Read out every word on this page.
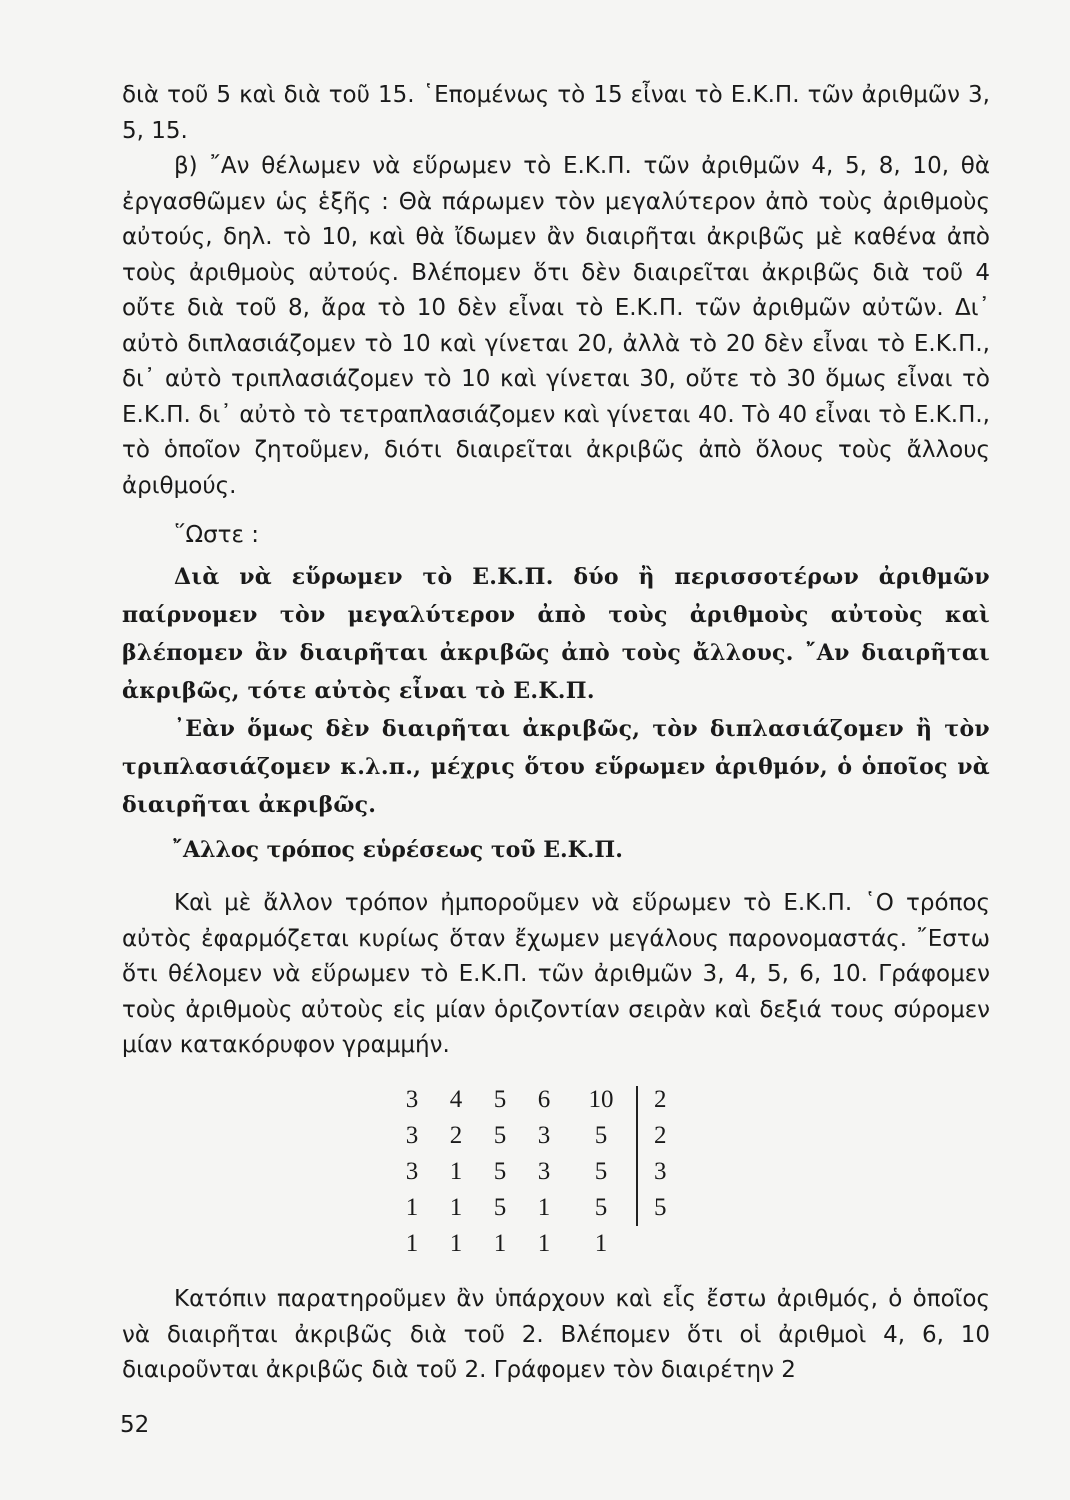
διὰ τοῦ 5 καὶ διὰ τοῦ 15. ῾Επομένως τὸ 15 εἶναι τὸ Ε.Κ.Π. τῶν ἀριθμῶν 3, 5, 15.

β) ῎Αν θέλωμεν νὰ εὕρωμεν τὸ Ε.Κ.Π. τῶν ἀριθμῶν 4, 5, 8, 10, θὰ ἐργασθῶμεν ὡς ἑξῆς : Θὰ πάρωμεν τὸν μεγαλύτερον ἀπὸ τοὺς ἀριθμοὺς αὐτούς, δηλ. τὸ 10, καὶ θὰ ἴδωμεν ἂν διαιρῆται ἀκριβῶς μὲ καθένα ἀπὸ τοὺς ἀριθμοὺς αὐτούς. Βλέπομεν ὅτι δὲν διαιρεῖται ἀκριβῶς διὰ τοῦ 4 οὔτε διὰ τοῦ 8, ἄρα τὸ 10 δὲν εἶναι τὸ Ε.Κ.Π. τῶν ἀριθμῶν αὐτῶν. Δι᾽ αὐτὸ διπλασιάζομεν τὸ 10 καὶ γίνεται 20, ἀλλὰ τὸ 20 δὲν εἶναι τὸ Ε.Κ.Π., δι᾽ αὐτὸ τριπλασιάζομεν τὸ 10 καὶ γίνεται 30, οὔτε τὸ 30 ὅμως εἶναι τὸ Ε.Κ.Π. δι᾽ αὐτὸ τὸ τετραπλασιάζομεν καὶ γίνεται 40. Τὸ 40 εἶναι τὸ Ε.Κ.Π., τὸ ὁποῖον ζητοῦμεν, διότι διαιρεῖται ἀκριβῶς ἀπὸ ὅλους τοὺς ἄλλους ἀριθμούς.

῞Ωστε :

Διὰ νὰ εὕρωμεν τὸ Ε.Κ.Π. δύο ἢ περισσοτέρων ἀριθμῶν παίρνομεν τὸν μεγαλύτερον ἀπὸ τοὺς ἀριθμοὺς αὐτοὺς καὶ βλέπομεν ἂν διαιρῆται ἀκριβῶς ἀπὸ τοὺς ἄλλους. ῎Αν διαιρῆται ἀκριβῶς, τότε αὐτὸς εἶναι τὸ Ε.Κ.Π.

᾽Εὰν ὅμως δὲν διαιρῆται ἀκριβῶς, τὸν διπλασιάζομεν ἢ τὸν τριπλασιάζομεν κ.λ.π., μέχρις ὅτου εὕρωμεν ἀριθμόν, ὁ ὁποῖος νὰ διαιρῆται ἀκριβῶς.

῎Αλλος τρόπος εὑρέσεως τοῦ Ε.Κ.Π.

Καὶ μὲ ἄλλον τρόπον ἠμποροῦμεν νὰ εὕρωμεν τὸ Ε.Κ.Π. ῾Ο τρόπος αὐτὸς ἐφαρμόζεται κυρίως ὅταν ἔχωμεν μεγάλους παρονομαστάς. ῎Εστω ὅτι θέλομεν νὰ εὕρωμεν τὸ Ε.Κ.Π. τῶν ἀριθμῶν 3, 4, 5, 6, 10. Γράφομεν τοὺς ἀριθμοὺς αὐτοὺς εἰς μίαν ὁριζοντίαν σειρὰν καὶ δεξιά τους σύρομεν μίαν κατακόρυφον γραμμήν.

3	4	5	6	10	2
3	2	5	3	5	2
3	1	5	3	5	3
1	1	5	1	5	5
1	1	1	1	1

Κατόπιν παρατηροῦμεν ἂν ὑπάρχουν καὶ εἷς ἔστω ἀριθμός, ὁ ὁποῖος νὰ διαιρῆται ἀκριβῶς διὰ τοῦ 2. Βλέπομεν ὅτι οἱ ἀριθμοὶ 4, 6, 10 διαιροῦνται ἀκριβῶς διὰ τοῦ 2. Γράφομεν τὸν διαιρέτην 2

52
